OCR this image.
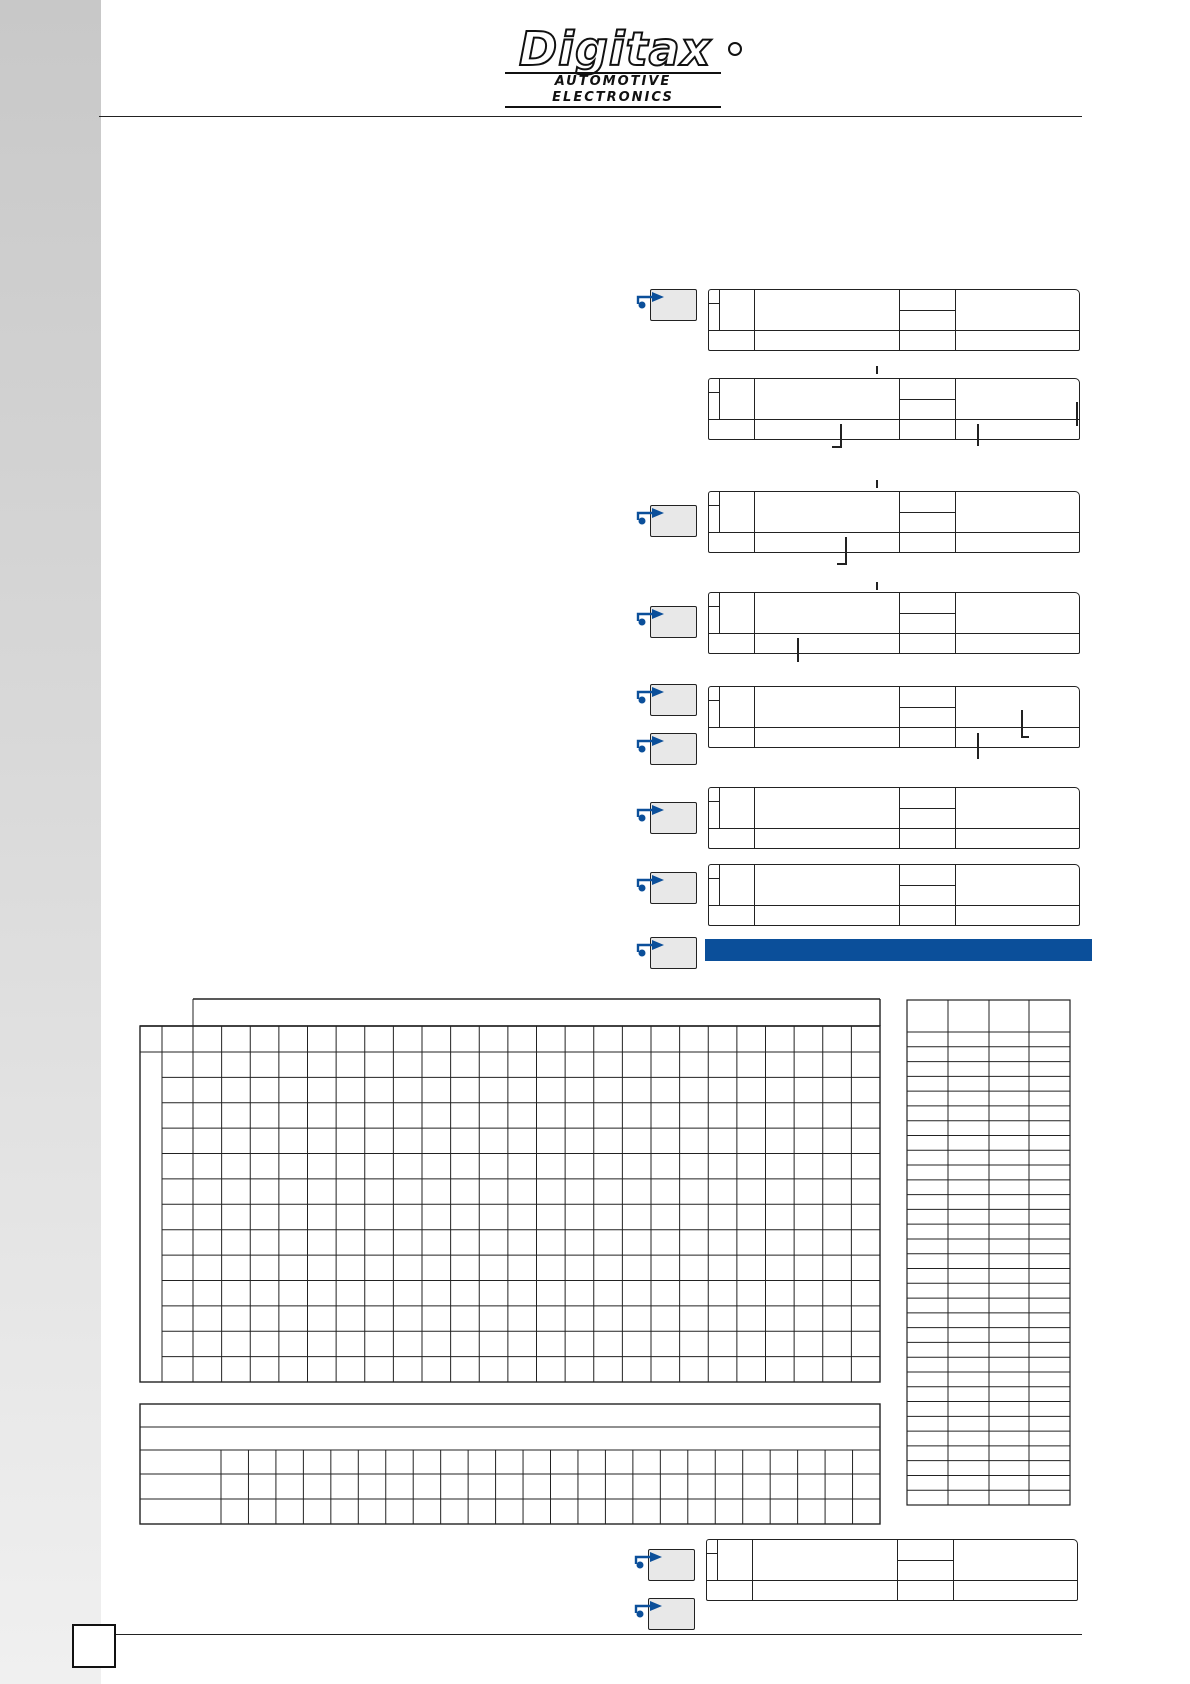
Digitax
AUTOMOTIVE ELECTRONICS
